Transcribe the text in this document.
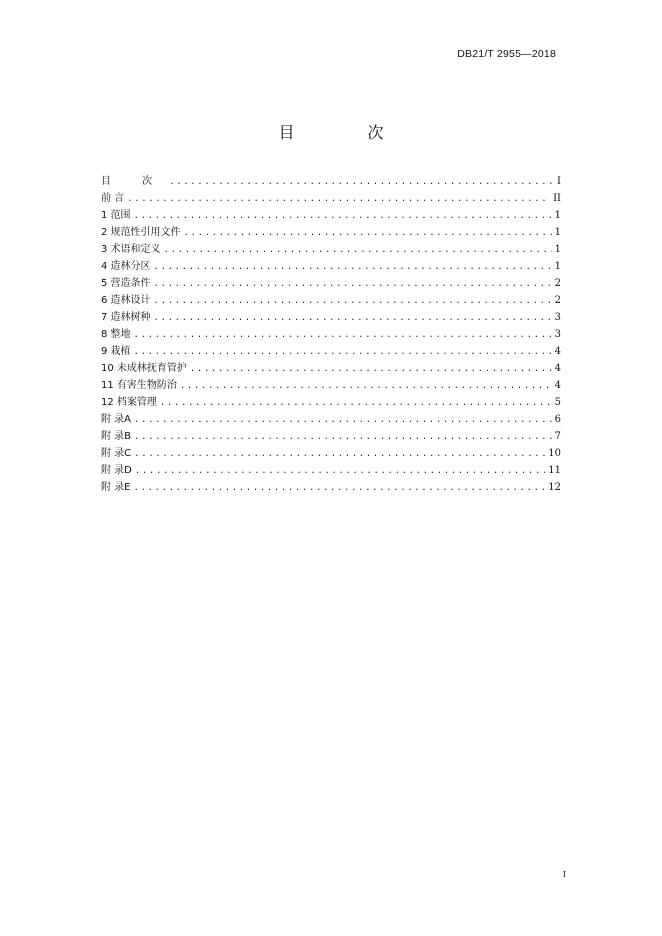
DB21/T 2955—2018
目 次
目 次 .....	I
前 言 .....	II
1 范围 .....	1
2 规范性引用文件 .....	1
3 术语和定义 .....	1
4 造林分区 .....	1
5 营造条件 .....	2
6 造林设计 .....	2
7 造林树种 .....	3
8 整地 .....	3
9 栽植 .....	4
10 未成林抚育管护 .....	4
11 有害生物防治 .....	4
12 档案管理 .....	5
附 录A .....	6
附 录B .....	7
附 录C .....	10
附 录D .....	11
附 录E .....	12
I
